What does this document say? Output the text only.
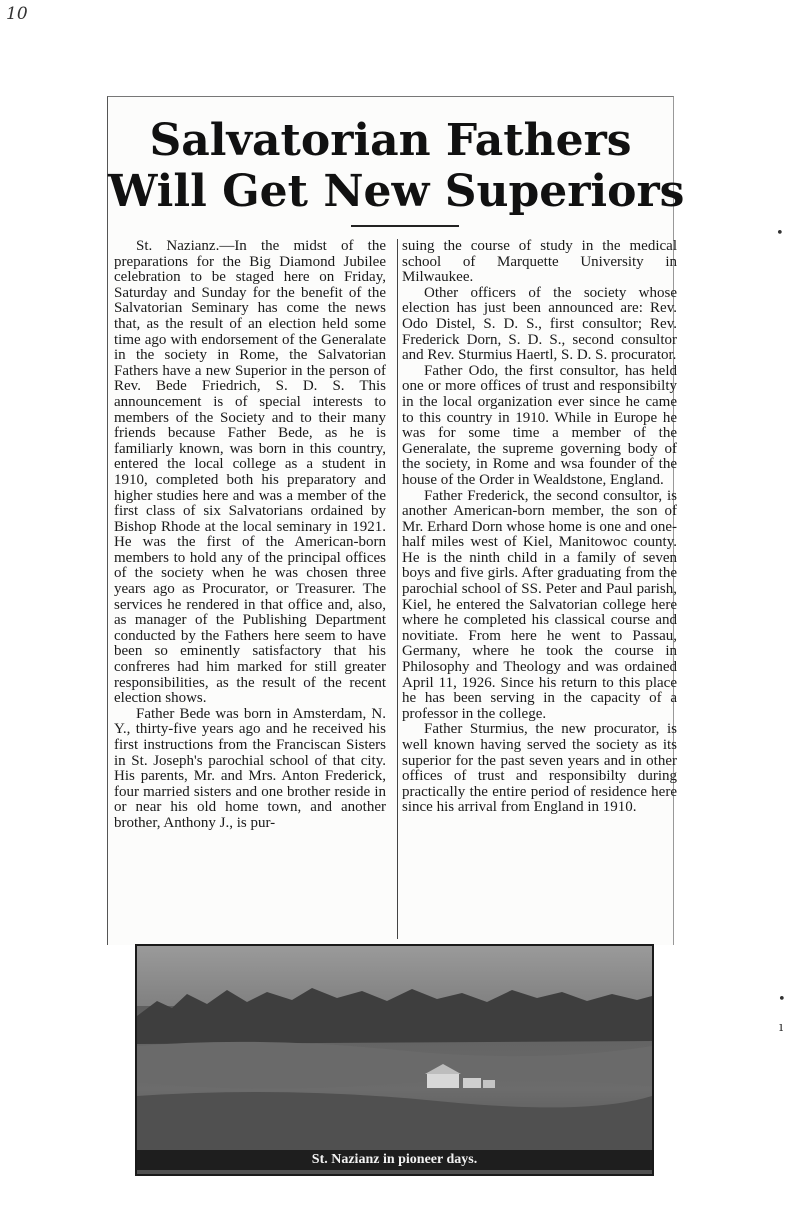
10
Salvatorian Fathers
Will Get New Superiors

St. Nazianz.—In the midst of the preparations for the Big Diamond Jubilee celebration to be staged here on Friday, Saturday and Sunday for the benefit of the Salvatorian Seminary has come the news that, as the result of an election held some time ago with endorsement of the Generalate in the society in Rome, the Salvatorian Fathers have a new Superior in the person of Rev. Bede Friedrich, S. D. S. This announcement is of special interests to members of the Society and to their many friends because Father Bede, as he is familiarly known, was born in this country, entered the local college as a student in 1910, completed both his preparatory and higher studies here and was a member of the first class of six Salvatorians ordained by Bishop Rhode at the local seminary in 1921. He was the first of the American-born members to hold any of the principal offices of the society when he was chosen three years ago as Procurator, or Treasurer. The services he rendered in that office and, also, as manager of the Publishing Department conducted by the Fathers here seem to have been so eminently satisfactory that his confreres had him marked for still greater responsibilities, as the result of the recent election shows.

Father Bede was born in Amsterdam, N. Y., thirty-five years ago and he received his first instructions from the Franciscan Sisters in St. Joseph's parochial school of that city. His parents, Mr. and Mrs. Anton Frederick, four married sisters and one brother reside in or near his old home town, and another brother, Anthony J., is pur-

suing the course of study in the medical school of Marquette University in Milwaukee.

Other officers of the society whose election has just been announced are: Rev. Odo Distel, S. D. S., first consultor; Rev. Frederick Dorn, S. D. S., second consultor and Rev. Sturmius Haertl, S. D. S. procurator.

Father Odo, the first consultor, has held one or more offices of trust and responsibilty in the local organization ever since he came to this country in 1910. While in Europe he was for some time a member of the Generalate, the supreme governing body of the society, in Rome and wsa founder of the house of the Order in Wealdstone, England.

Father Frederick, the second consultor, is another American-born member, the son of Mr. Erhard Dorn whose home is one and one-half miles west of Kiel, Manitowoc county. He is the ninth child in a family of seven boys and five girls. After graduating from the parochial school of SS. Peter and Paul parish, Kiel, he entered the Salvatorian college here where he completed his classical course and novitiate. From here he went to Passau, Germany, where he took the course in Philosophy and Theology and was ordained April 11, 1926. Since his return to this place he has been serving in the capacity of a professor in the college.

Father Sturmius, the new procurator, is well known having served the society as its superior for the past seven years and in other offices of trust and responsibilty during practically the entire period of residence here since his arrival from England in 1910.

St. Nazianz in pioneer days.
•
•
ı
